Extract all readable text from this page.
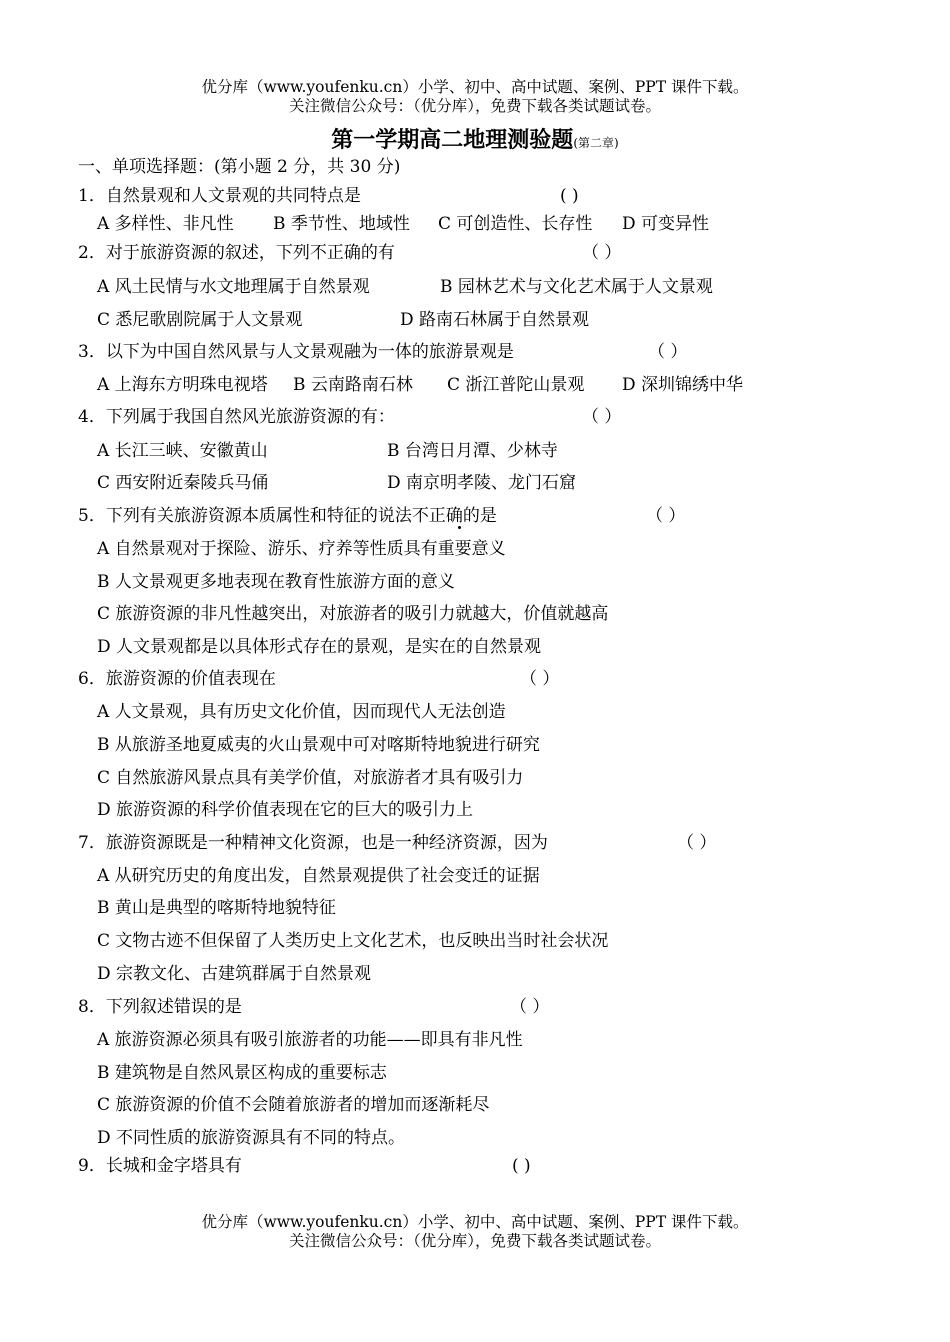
优分库（www.youfenku.cn）小学、初中、高中试题、案例、PPT 课件下载。
关注微信公众号：（优分库），免费下载各类试题试卷。
第一学期高二地理测验题(第二章)
一、单项选择题：(第小题 2 分，共 30 分)
1．自然景观和人文景观的共同特点是	( )
A 多样性、非凡性 B 季节性、地域性 C 可创造性、长存性 D 可变异性
2．对于旅游资源的叙述，下列不正确的有	（ ）
A 风土民情与水文地理属于自然景观	B 园林艺术与文化艺术属于人文景观
C 悉尼歌剧院属于人文景观	D 路南石林属于自然景观
3．以下为中国自然风景与人文景观融为一体的旅游景观是	（ ）
A 上海东方明珠电视塔 B 云南路南石林 C 浙江普陀山景观 D 深圳锦绣中华
4．下列属于我国自然风光旅游资源的有：	（ ）
A 长江三峡、安徽黄山	B 台湾日月潭、少林寺
C 西安附近秦陵兵马俑	D 南京明孝陵、龙门石窟
5．下列有关旅游资源本质属性和特征的说法不正确的是	（ ）
A 自然景观对于探险、游乐、疗养等性质具有重要意义
B 人文景观更多地表现在教育性旅游方面的意义
C 旅游资源的非凡性越突出，对旅游者的吸引力就越大，价值就越高
D 人文景观都是以具体形式存在的景观，是实在的自然景观
6．旅游资源的价值表现在	（ ）
A 人文景观，具有历史文化价值，因而现代人无法创造
B 从旅游圣地夏威夷的火山景观中可对喀斯特地貌进行研究
C 自然旅游风景点具有美学价值，对旅游者才具有吸引力
D 旅游资源的科学价值表现在它的巨大的吸引力上
7．旅游资源既是一种精神文化资源，也是一种经济资源，因为	（ ）
A 从研究历史的角度出发，自然景观提供了社会变迁的证据
B 黄山是典型的喀斯特地貌特征
C 文物古迹不但保留了人类历史上文化艺术，也反映出当时社会状况
D 宗教文化、古建筑群属于自然景观
8．下列叙述错误的是	（ ）
A 旅游资源必须具有吸引旅游者的功能——即具有非凡性
B 建筑物是自然风景区构成的重要标志
C 旅游资源的价值不会随着旅游者的增加而逐渐耗尽
D 不同性质的旅游资源具有不同的特点。
9．长城和金字塔具有	( )
优分库（www.youfenku.cn）小学、初中、高中试题、案例、PPT 课件下载。
关注微信公众号：（优分库），免费下载各类试题试卷。
